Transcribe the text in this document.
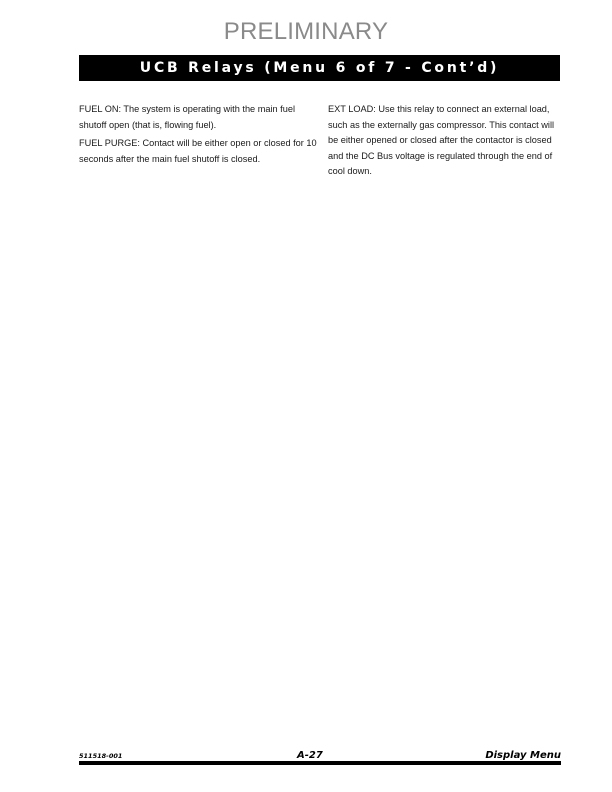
PRELIMINARY
UCB Relays (Menu 6 of 7 - Cont’d)

FUEL ON: The system is operating with the main fuel shutoff open (that is, flowing fuel).

FUEL PURGE: Contact will be either open or closed for 10 seconds after the main fuel shutoff is closed.

EXT LOAD: Use this relay to connect an external load, such as the externally gas compressor. This contact will be either opened or closed after the contactor is closed and the DC Bus voltage is regulated through the end of cool down.

511518-001	A-27	Display Menu
